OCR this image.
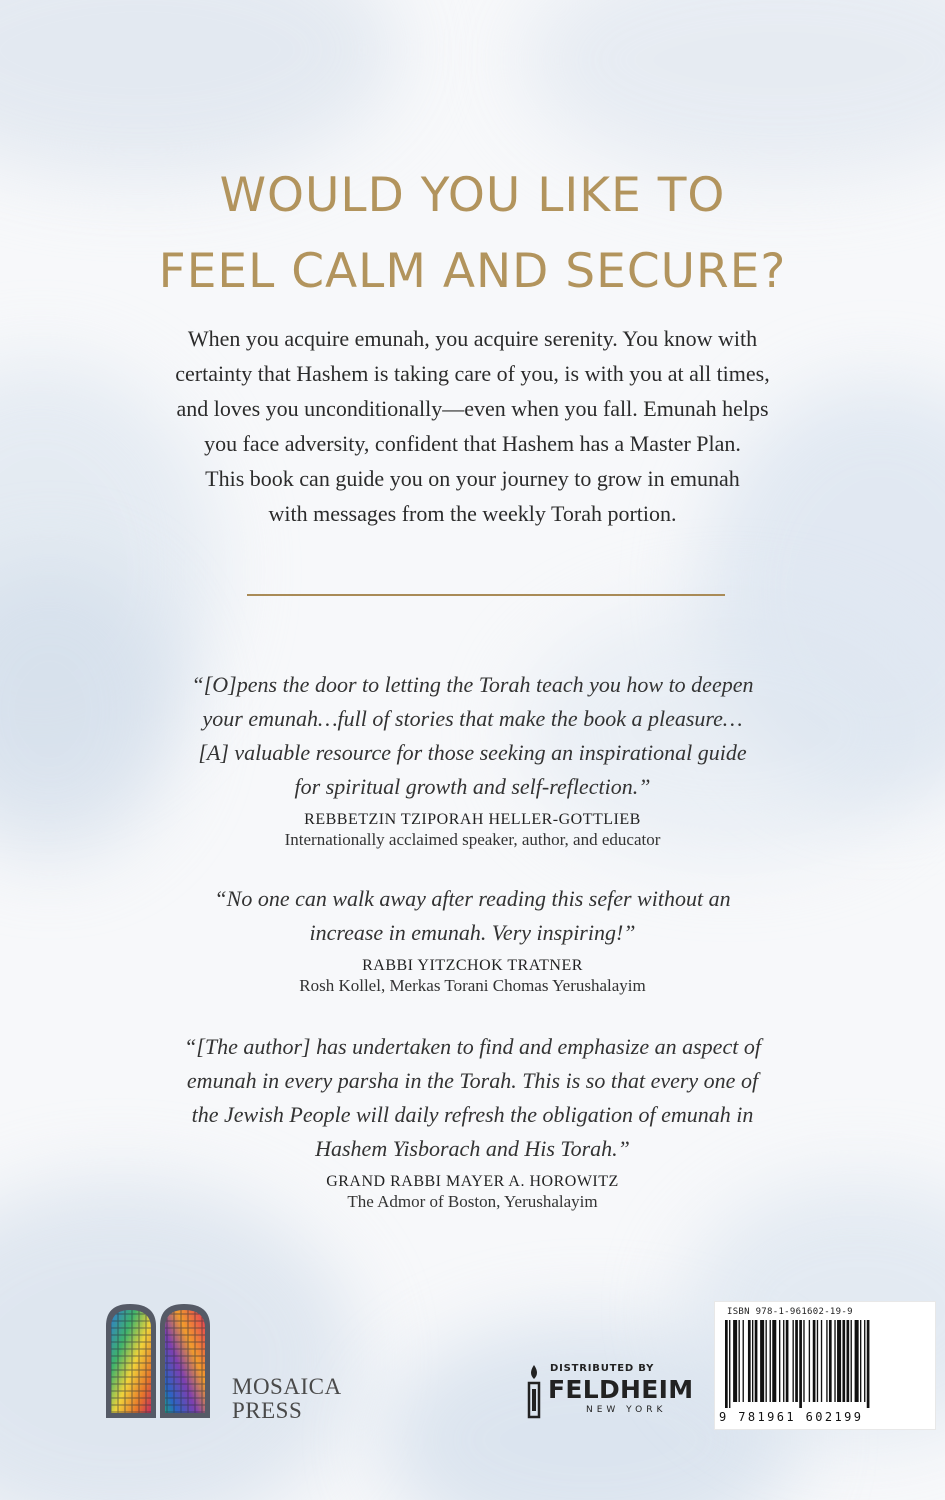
WOULD YOU LIKE TO
FEEL CALM AND SECURE?
When you acquire emunah, you acquire serenity. You know with
certainty that Hashem is taking care of you, is with you at all times,
and loves you unconditionally—even when you fall. Emunah helps
you face adversity, confident that Hashem has a Master Plan.
This book can guide you on your journey to grow in emunah
with messages from the weekly Torah portion.
“[O]pens the door to letting the Torah teach you how to deepen
your emunah…full of stories that make the book a pleasure…
[A] valuable resource for those seeking an inspirational guide
for spiritual growth and self-reflection.”
REBBETZIN TZIPORAH HELLER-GOTTLIEB
Internationally acclaimed speaker, author, and educator
“No one can walk away after reading this sefer without an
increase in emunah. Very inspiring!”
RABBI YITZCHOK TRATNER
Rosh Kollel, Merkas Torani Chomas Yerushalayim
“[The author] has undertaken to find and emphasize an aspect of
emunah in every parsha in the Torah. This is so that every one of
the Jewish People will daily refresh the obligation of emunah in
Hashem Yisborach and His Torah.”
GRAND RABBI MAYER A. HOROWITZ
The Admor of Boston, Yerushalayim
MOSAICA
PRESS
DISTRIBUTED BY
FELDHEIM
NEW YORK
ISBN 978-1-961602-19-9
9 781961 602199
